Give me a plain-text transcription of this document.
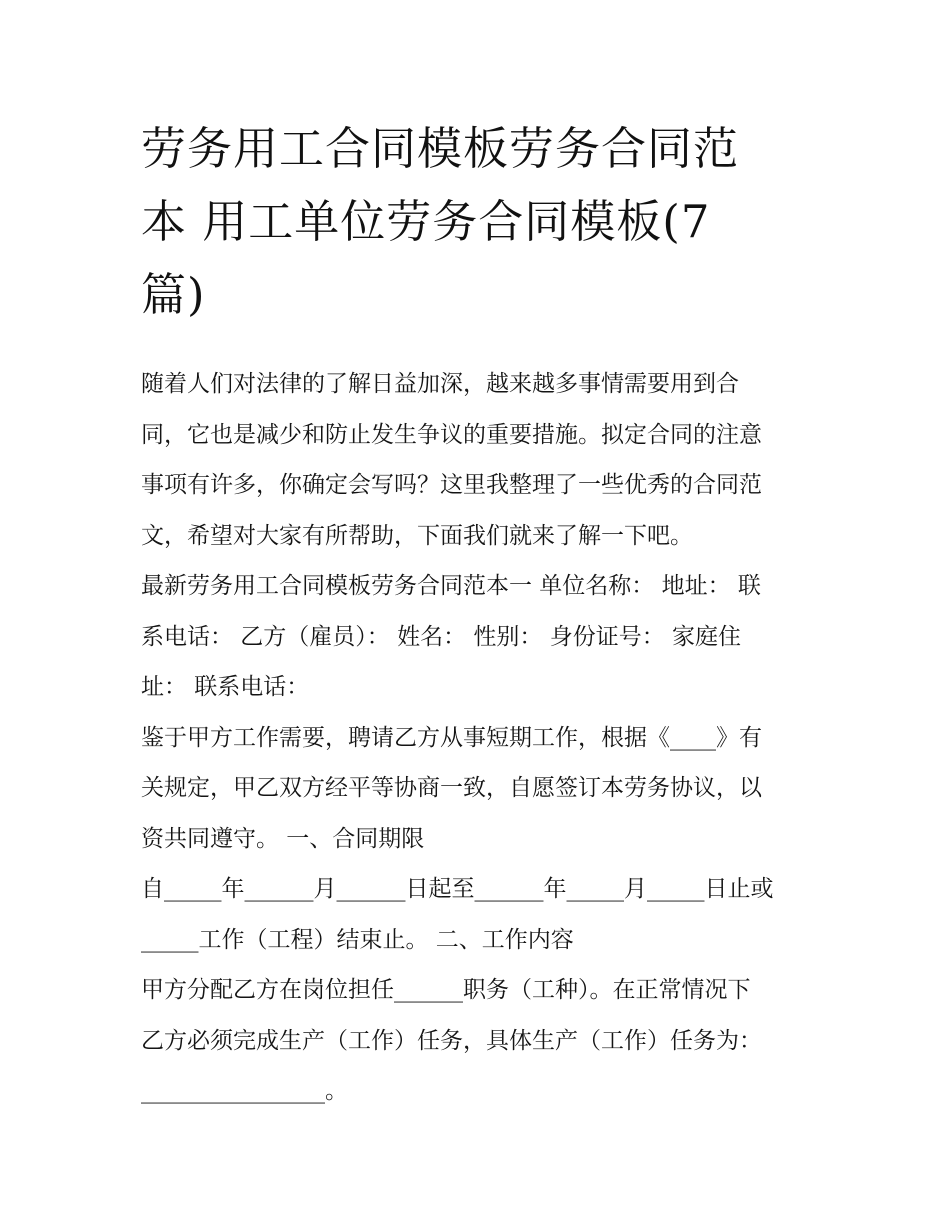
劳务用工合同模板劳务合同范
本 用工单位劳务合同模板(7
篇)

随着人们对法律的了解日益加深，越来越多事情需要用到合
同，它也是减少和防止发生争议的重要措施。拟定合同的注意
事项有许多，你确定会写吗？这里我整理了一些优秀的合同范
文，希望对大家有所帮助，下面我们就来了解一下吧。

最新劳务用工合同模板劳务合同范本一 单位名称： 地址： 联
系电话： 乙方（雇员）： 姓名： 性别： 身份证号： 家庭住
址： 联系电话：

鉴于甲方工作需要，聘请乙方从事短期工作，根据《____》有
关规定，甲乙双方经平等协商一致，自愿签订本劳务协议，以
资共同遵守。 一、合同期限

自_____年______月______日起至______年_____月_____日止或
_____工作（工程）结束止。 二、工作内容

甲方分配乙方在岗位担任______职务（工种）。在正常情况下
乙方必须完成生产（工作）任务，具体生产（工作）任务为：
________________。
